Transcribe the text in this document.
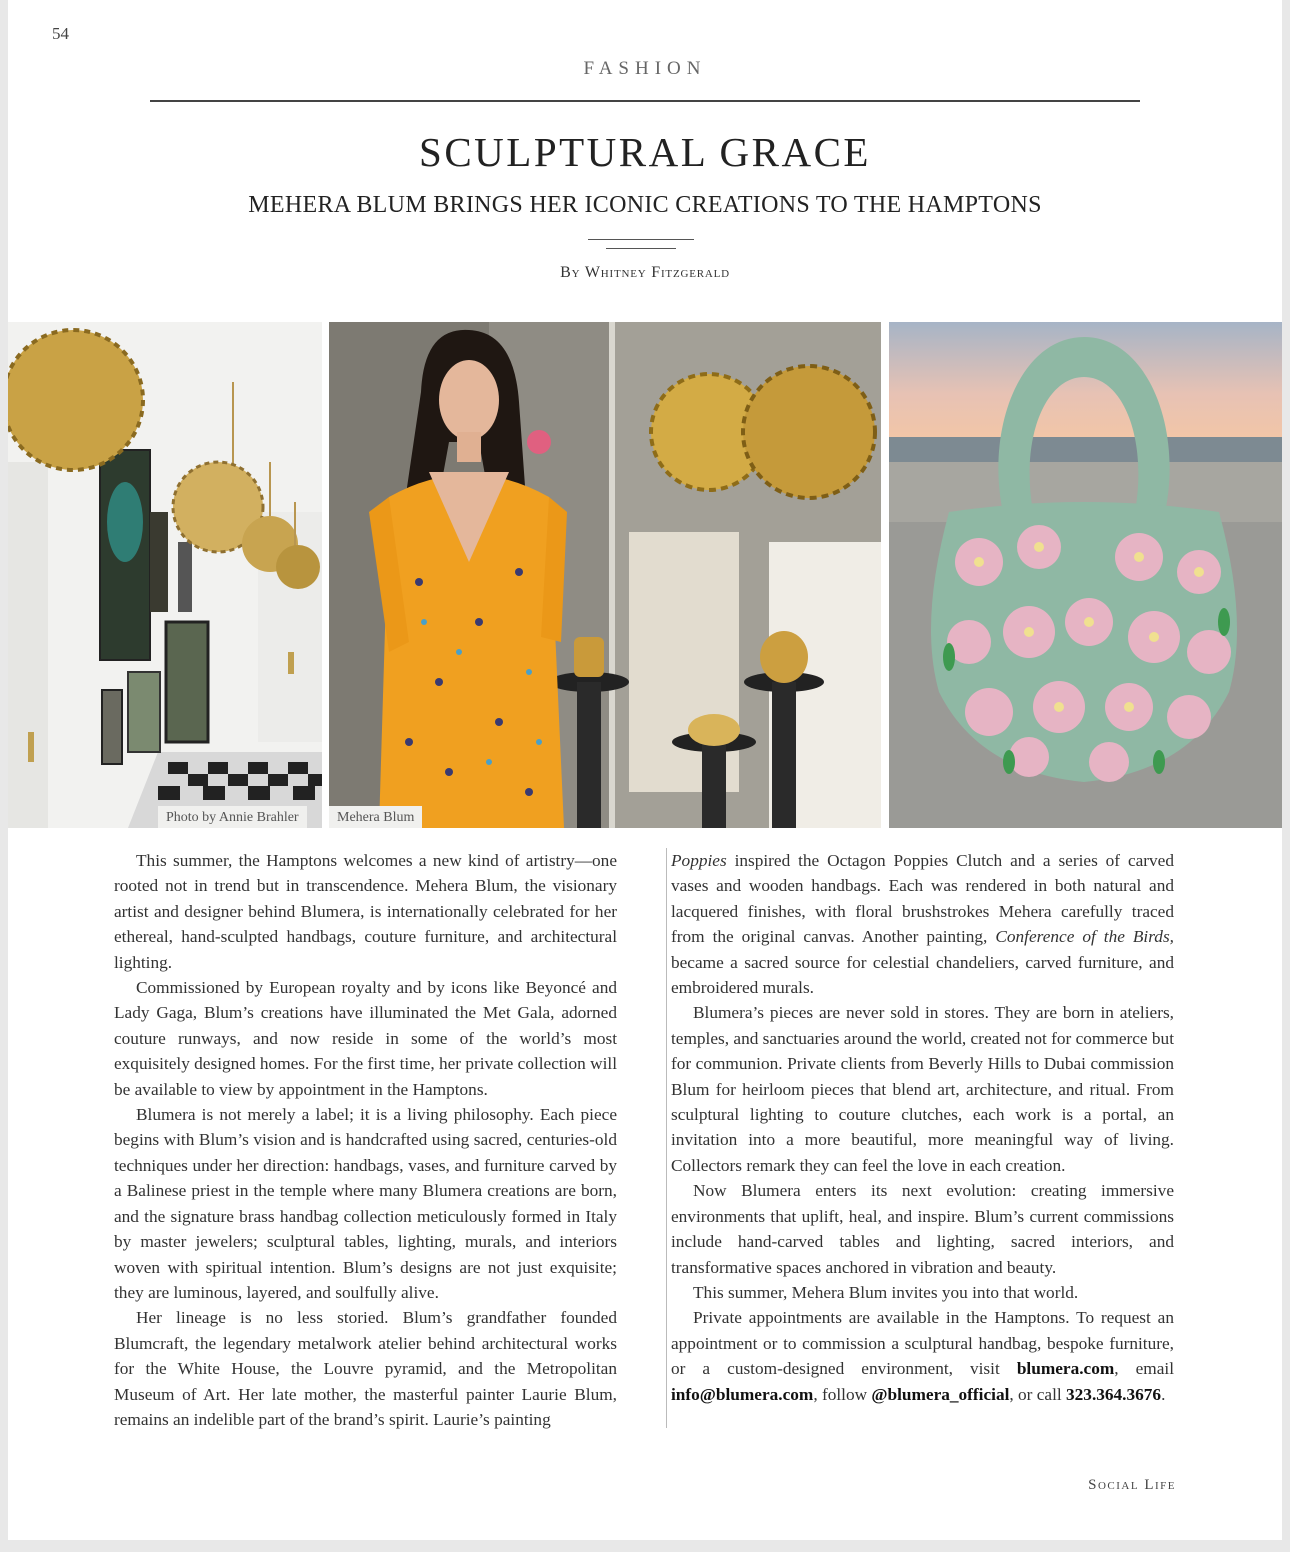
54
FASHION
SCULPTURAL GRACE
MEHERA BLUM BRINGS HER ICONIC CREATIONS TO THE HAMPTONS
By Whitney Fitzgerald
Photo by Annie Brahler	Mehera Blum

This summer, the Hamptons welcomes a new kind of artistry—one rooted not in trend but in transcendence. Mehera Blum, the visionary artist and designer behind Blumera, is internationally celebrated for her ethereal, hand-sculpted handbags, couture furniture, and architectural lighting.

Commissioned by European royalty and by icons like Beyoncé and Lady Gaga, Blum’s creations have illuminated the Met Gala, adorned couture runways, and now reside in some of the world’s most exquisitely designed homes. For the first time, her private collection will be available to view by appointment in the Hamptons.

Blumera is not merely a label; it is a living philosophy. Each piece begins with Blum’s vision and is handcrafted using sacred, centuries-old techniques under her direction: handbags, vases, and furniture carved by a Balinese priest in the temple where many Blumera creations are born, and the signature brass handbag collection meticulously formed in Italy by master jewelers; sculptural tables, lighting, murals, and interiors woven with spiritual intention. Blum’s designs are not just exquisite; they are luminous, layered, and soulfully alive.

Her lineage is no less storied. Blum’s grandfather founded Blumcraft, the legendary metalwork atelier behind architectural works for the White House, the Louvre pyramid, and the Metropolitan Museum of Art. Her late mother, the masterful painter Laurie Blum, remains an indelible part of the brand’s spirit. Laurie’s painting

Poppies inspired the Octagon Poppies Clutch and a series of carved vases and wooden handbags. Each was rendered in both natural and lacquered finishes, with floral brushstrokes Mehera carefully traced from the original canvas. Another painting, Conference of the Birds, became a sacred source for celestial chandeliers, carved furniture, and embroidered murals.

Blumera’s pieces are never sold in stores. They are born in ateliers, temples, and sanctuaries around the world, created not for commerce but for communion. Private clients from Beverly Hills to Dubai commission Blum for heirloom pieces that blend art, architecture, and ritual. From sculptural lighting to couture clutches, each work is a portal, an invitation into a more beautiful, more meaningful way of living. Collectors remark they can feel the love in each creation.

Now Blumera enters its next evolution: creating immersive environments that uplift, heal, and inspire. Blum’s current commissions include hand-carved tables and lighting, sacred interiors, and transformative spaces anchored in vibration and beauty.

This summer, Mehera Blum invites you into that world.

Private appointments are available in the Hamptons. To request an appointment or to commission a sculptural handbag, bespoke furniture, or a custom-designed environment, visit blumera.com, email info@blumera.com, follow @blumera_official, or call 323.364.3676.

Social Life
